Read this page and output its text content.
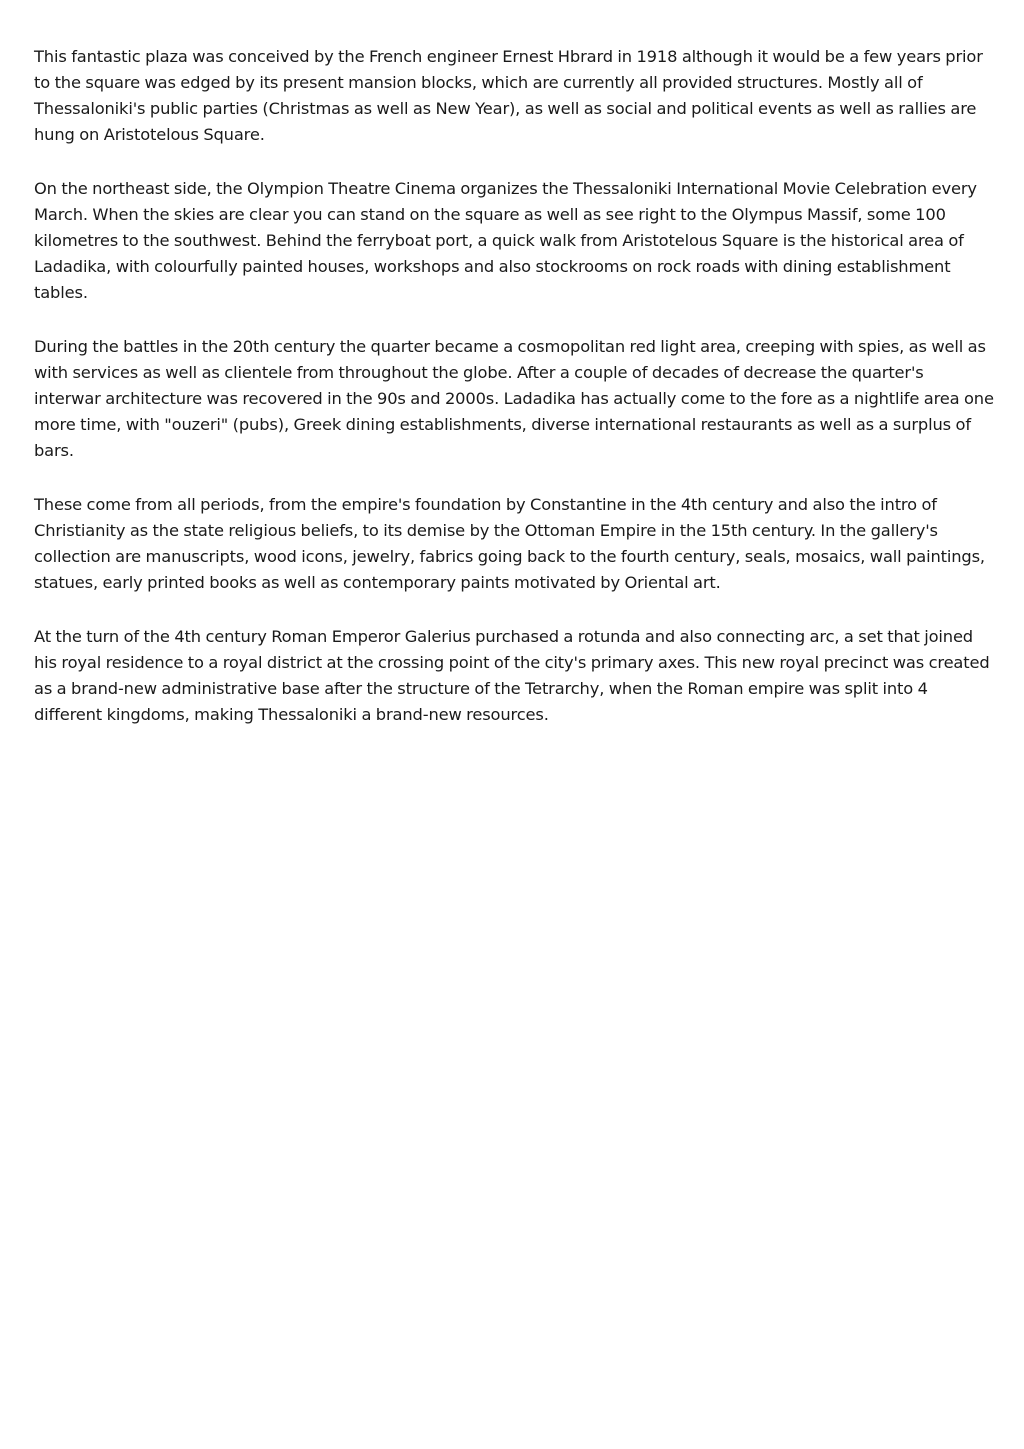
This fantastic plaza was conceived by the French engineer Ernest Hbrard in 1918 although it would be a few years prior to the square was edged by its present mansion blocks, which are currently all provided structures. Mostly all of Thessaloniki's public parties (Christmas as well as New Year), as well as social and political events as well as rallies are hung on Aristotelous Square.

On the northeast side, the Olympion Theatre Cinema organizes the Thessaloniki International Movie Celebration every March. When the skies are clear you can stand on the square as well as see right to the Olympus Massif, some 100 kilometres to the southwest. Behind the ferryboat port, a quick walk from Aristotelous Square is the historical area of Ladadika, with colourfully painted houses, workshops and also stockrooms on rock roads with dining establishment tables.

During the battles in the 20th century the quarter became a cosmopolitan red light area, creeping with spies, as well as with services as well as clientele from throughout the globe. After a couple of decades of decrease the quarter's interwar architecture was recovered in the 90s and 2000s. Ladadika has actually come to the fore as a nightlife area one more time, with "ouzeri" (pubs), Greek dining establishments, diverse international restaurants as well as a surplus of bars.

These come from all periods, from the empire's foundation by Constantine in the 4th century and also the intro of Christianity as the state religious beliefs, to its demise by the Ottoman Empire in the 15th century. In the gallery's collection are manuscripts, wood icons, jewelry, fabrics going back to the fourth century, seals, mosaics, wall paintings, statues, early printed books as well as contemporary paints motivated by Oriental art.

At the turn of the 4th century Roman Emperor Galerius purchased a rotunda and also connecting arc, a set that joined his royal residence to a royal district at the crossing point of the city's primary axes. This new royal precinct was created as a brand-new administrative base after the structure of the Tetrarchy, when the Roman empire was split into 4 different kingdoms, making Thessaloniki a brand-new resources.
